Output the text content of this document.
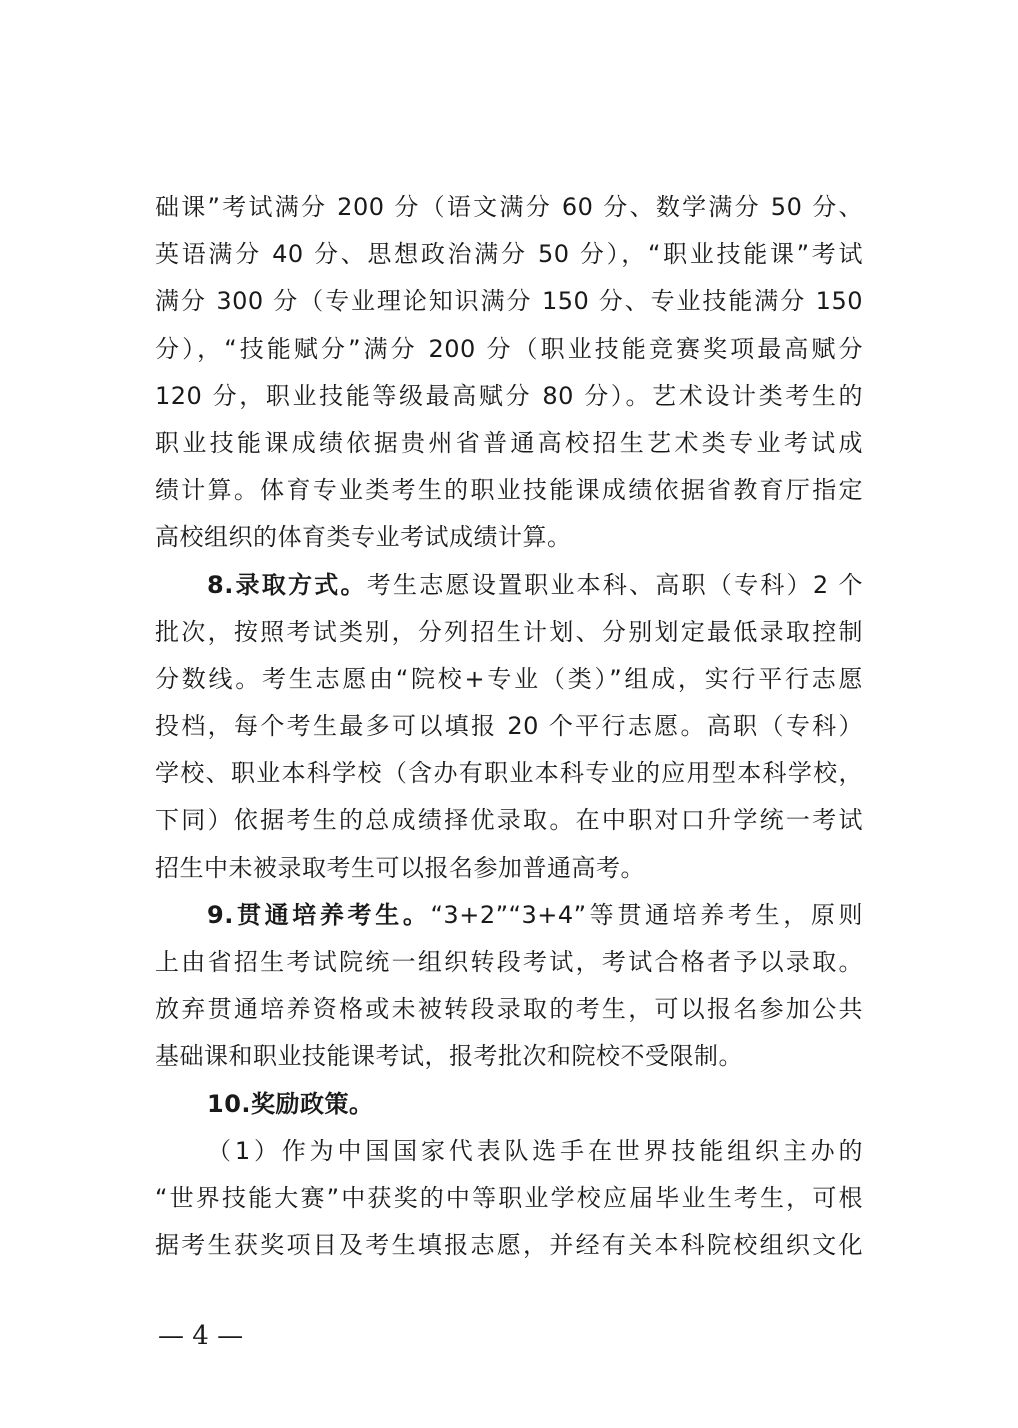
础课”考试满分 200 分（语文满分 60 分、数学满分 50 分、
英语满分 40 分、思想政治满分 50 分），“职业技能课”考试
满分 300 分（专业理论知识满分 150 分、专业技能满分 150
分），“技能赋分”满分 200 分（职业技能竞赛奖项最高赋分
120 分，职业技能等级最高赋分 80 分）。艺术设计类考生的
职业技能课成绩依据贵州省普通高校招生艺术类专业考试成
绩计算。体育专业类考生的职业技能课成绩依据省教育厅指定
高校组织的体育类专业考试成绩计算。
8.录取方式。考生志愿设置职业本科、高职（专科）2 个
批次，按照考试类别，分列招生计划、分别划定最低录取控制
分数线。考生志愿由“院校+专业（类）”组成，实行平行志愿
投档，每个考生最多可以填报 20 个平行志愿。高职（专科）
学校、职业本科学校（含办有职业本科专业的应用型本科学校，
下同）依据考生的总成绩择优录取。在中职对口升学统一考试
招生中未被录取考生可以报名参加普通高考。
9.贯通培养考生。“3+2”“3+4”等贯通培养考生，原则
上由省招生考试院统一组织转段考试，考试合格者予以录取。
放弃贯通培养资格或未被转段录取的考生，可以报名参加公共
基础课和职业技能课考试，报考批次和院校不受限制。
10.奖励政策。
（1）作为中国国家代表队选手在世界技能组织主办的
“世界技能大赛”中获奖的中等职业学校应届毕业生考生，可根
据考生获奖项目及考生填报志愿，并经有关本科院校组织文化
— 4 —
